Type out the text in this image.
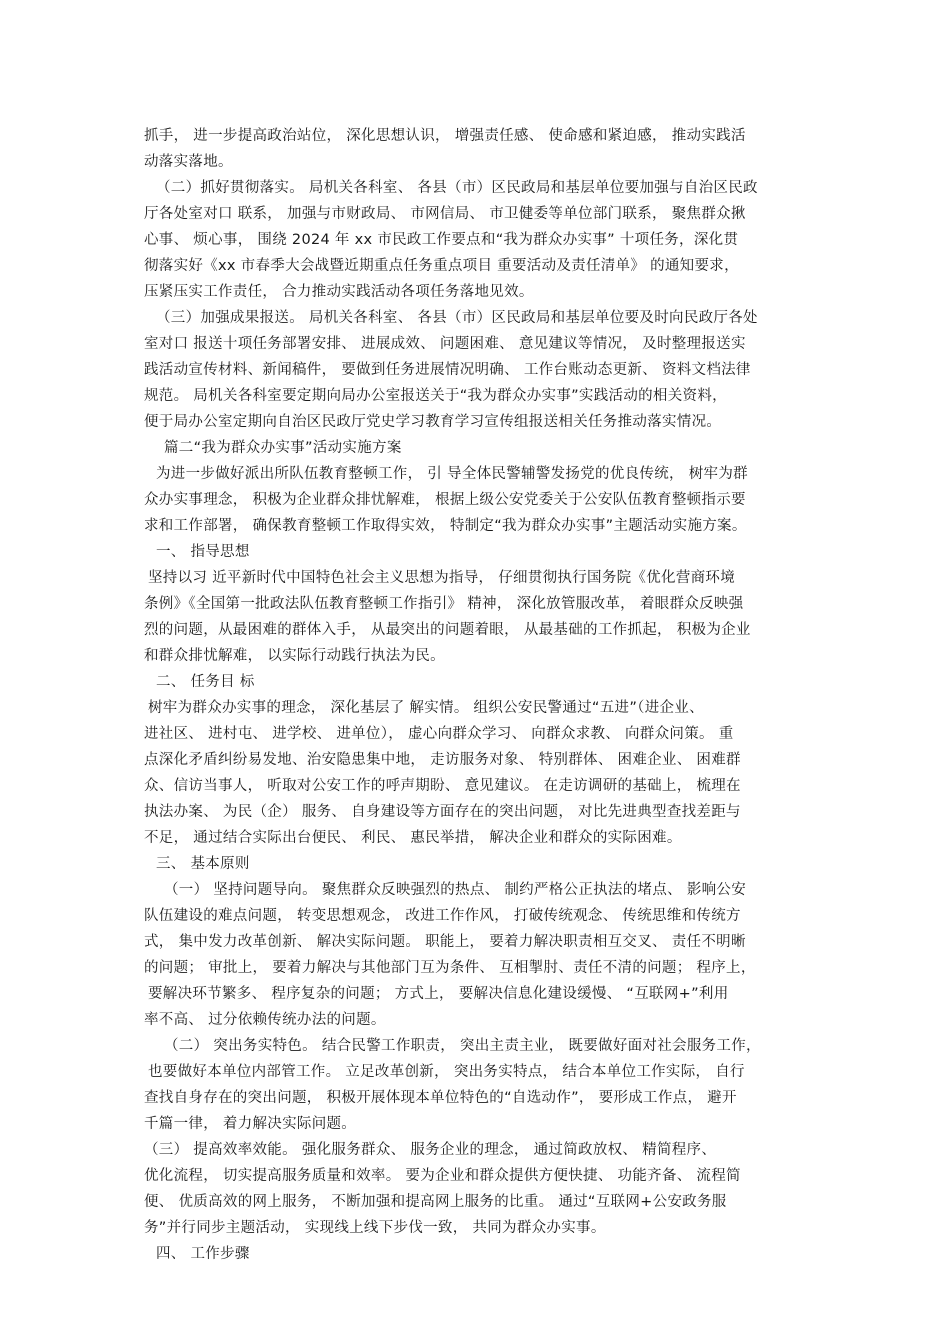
抓手， 进一步提高政治站位， 深化思想认识， 增强责任感、 使命感和紧迫感， 推动实践活
动落实落地。
（二）抓好贯彻落实。 局机关各科室、 各县（市）区民政局和基层单位要加强与自治区民政
厅各处室对口 联系， 加强与市财政局、 市网信局、 市卫健委等单位部门联系， 聚焦群众揪
心事、 烦心事， 围绕 2024 年 xx 市民政工作要点和“我为群众办实事” 十项任务，深化贯
彻落实好《xx 市春季大会战暨近期重点任务重点项目 重要活动及责任清单》 的通知要求，
压紧压实工作责任， 合力推动实践活动各项任务落地见效。
（三）加强成果报送。 局机关各科室、 各县（市）区民政局和基层单位要及时向民政厅各处
室对口 报送十项任务部署安排、 进展成效、 问题困难、 意见建议等情况， 及时整理报送实
践活动宣传材料、新闻稿件， 要做到任务进展情况明确、 工作台账动态更新、 资料文档法律
规范。 局机关各科室要定期向局办公室报送关于“我为群众办实事”实践活动的相关资料，
便于局办公室定期向自治区民政厅党史学习教育学习宣传组报送相关任务推动落实情况。
篇二“我为群众办实事”活动实施方案
为进一步做好派出所队伍教育整顿工作， 引 导全体民警辅警发扬党的优良传统， 树牢为群
众办实事理念， 积极为企业群众排忧解难， 根据上级公安党委关于公安队伍教育整顿指示要
求和工作部署， 确保教育整顿工作取得实效， 特制定“我为群众办实事”主题活动实施方案。
一、 指导思想
坚持以习 近平新时代中国特色社会主义思想为指导， 仔细贯彻执行国务院《优化营商环境
条例》《全国第一批政法队伍教育整顿工作指引》 精神， 深化放管服改革， 着眼群众反映强
烈的问题，从最困难的群体入手， 从最突出的问题着眼， 从最基础的工作抓起， 积极为企业
和群众排忧解难， 以实际行动践行执法为民。
二、 任务目 标
树牢为群众办实事的理念， 深化基层了 解实情。 组织公安民警通过“五进”（进企业、
进社区、 进村屯、 进学校、 进单位）， 虚心向群众学习、 向群众求教、 向群众问策。 重
点深化矛盾纠纷易发地、治安隐患集中地， 走访服务对象、 特别群体、 困难企业、 困难群
众、信访当事人， 听取对公安工作的呼声期盼、 意见建议。 在走访调研的基础上， 梳理在
执法办案、 为民（企） 服务、 自身建设等方面存在的突出问题， 对比先进典型查找差距与
不足， 通过结合实际出台便民、 利民、 惠民举措， 解决企业和群众的实际困难。
三、 基本原则
（一） 坚持问题导向。 聚焦群众反映强烈的热点、 制约严格公正执法的堵点、 影响公安
队伍建设的难点问题， 转变思想观念， 改进工作作风， 打破传统观念、 传统思维和传统方
式， 集中发力改革创新、 解决实际问题。 职能上， 要着力解决职责相互交叉、 责任不明晰
的问题； 审批上， 要着力解决与其他部门互为条件、 互相掣肘、责任不清的问题； 程序上，
要解决环节繁多、 程序复杂的问题； 方式上， 要解决信息化建设缓慢、 “互联网+”利用
率不高、 过分依赖传统办法的问题。
（二） 突出务实特色。 结合民警工作职责， 突出主责主业， 既要做好面对社会服务工作，
也要做好本单位内部管工作。 立足改革创新， 突出务实特点， 结合本单位工作实际， 自行
查找自身存在的突出问题， 积极开展体现本单位特色的“自选动作”， 要形成工作点， 避开
千篇一律， 着力解决实际问题。
（三） 提高效率效能。 强化服务群众、 服务企业的理念， 通过简政放权、 精简程序、
优化流程， 切实提高服务质量和效率。 要为企业和群众提供方便快捷、 功能齐备、 流程简
便、 优质高效的网上服务， 不断加强和提高网上服务的比重。 通过“互联网+公安政务服
务”并行同步主题活动， 实现线上线下步伐一致， 共同为群众办实事。
四、 工作步骤
